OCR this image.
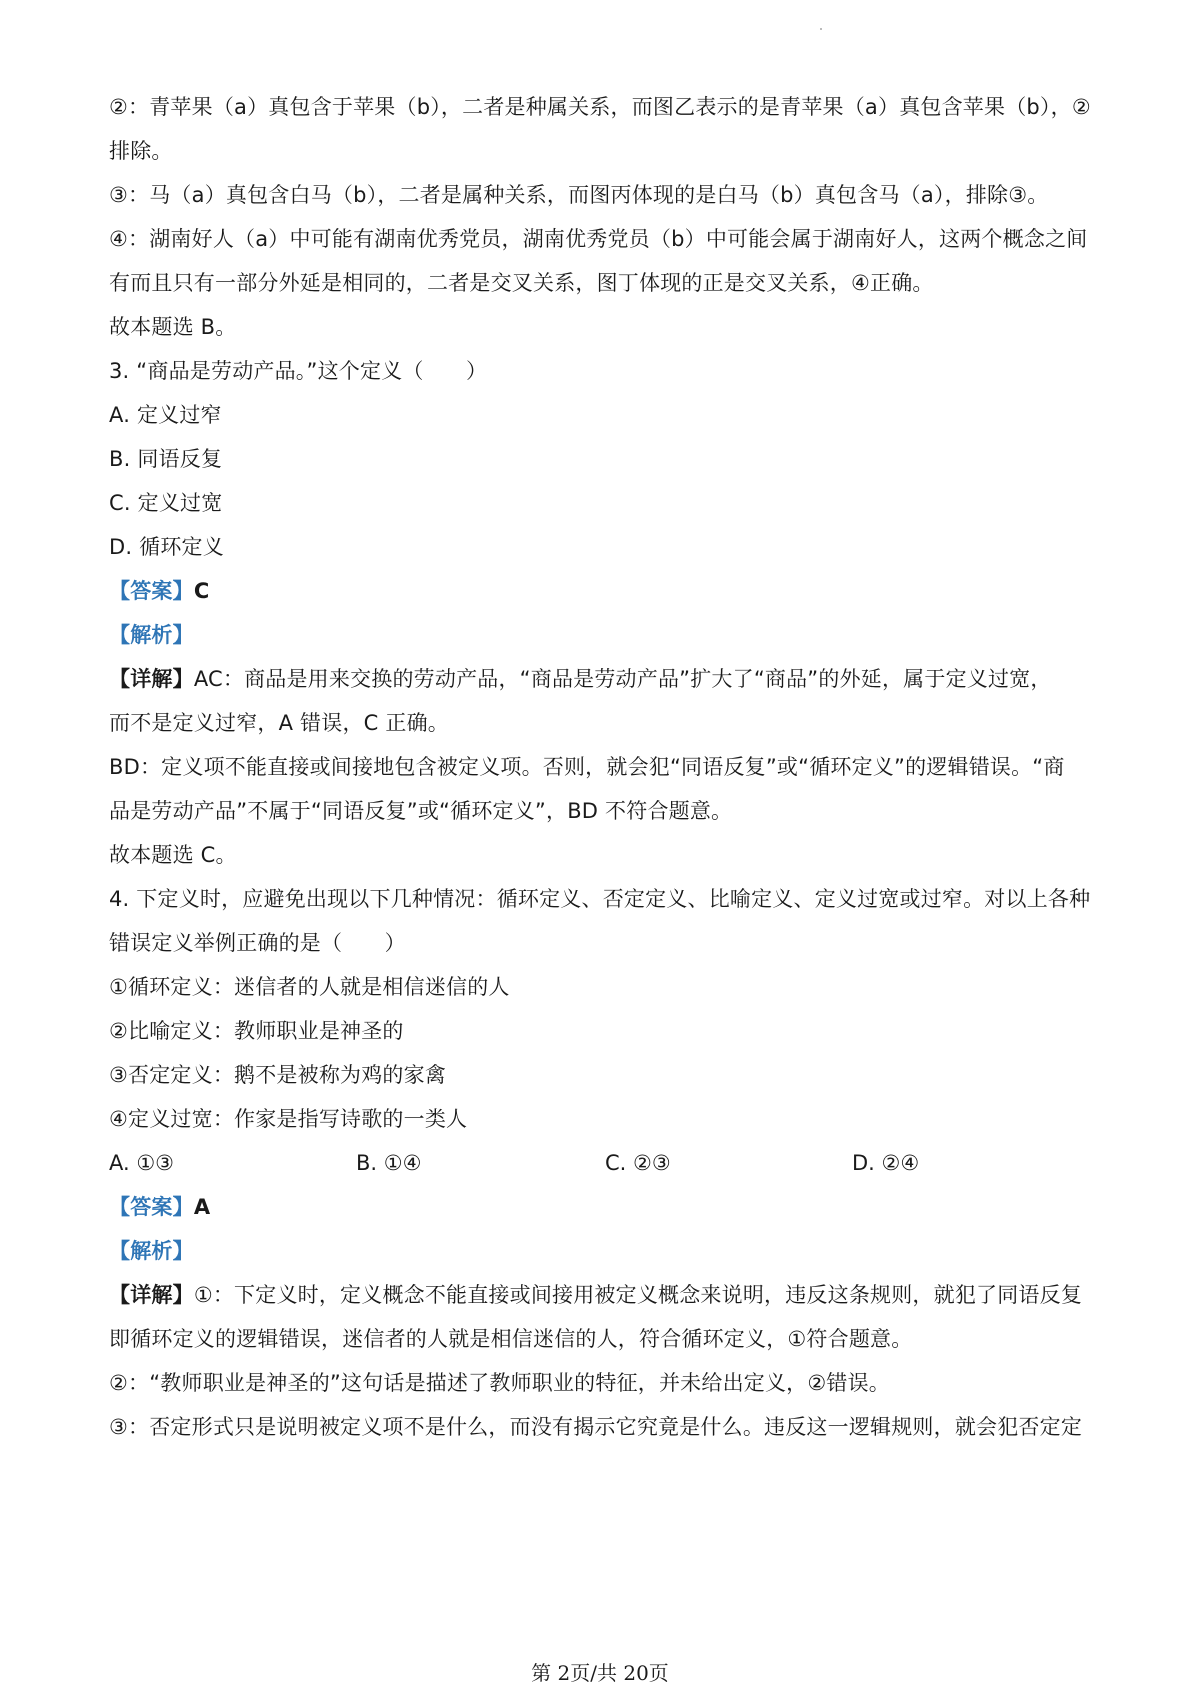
②：青苹果（a）真包含于苹果（b），二者是种属关系，而图乙表示的是青苹果（a）真包含苹果（b），②
排除。
③：马（a）真包含白马（b），二者是属种关系，而图丙体现的是白马（b）真包含马（a），排除③。
④：湖南好人（a）中可能有湖南优秀党员，湖南优秀党员（b）中可能会属于湖南好人，这两个概念之间
有而且只有一部分外延是相同的，二者是交叉关系，图丁体现的正是交叉关系，④正确。
故本题选 B。
3. “商品是劳动产品。”这个定义（　　）
A. 定义过窄
B. 同语反复
C. 定义过宽
D. 循环定义
【答案】C
【解析】
【详解】AC：商品是用来交换的劳动产品，“商品是劳动产品”扩大了“商品”的外延，属于定义过宽，
而不是定义过窄，A 错误，C 正确。
BD：定义项不能直接或间接地包含被定义项。否则，就会犯“同语反复”或“循环定义”的逻辑错误。“商
品是劳动产品”不属于“同语反复”或“循环定义”，BD 不符合题意。
故本题选 C。
4. 下定义时，应避免出现以下几种情况：循环定义、否定定义、比喻定义、定义过宽或过窄。对以上各种
错误定义举例正确的是（　　）
①循环定义：迷信者的人就是相信迷信的人
②比喻定义：教师职业是神圣的
③否定定义：鹅不是被称为鸡的家禽
④定义过宽：作家是指写诗歌的一类人
A. ①③	B. ①④	C. ②③	D. ②④
【答案】A
【解析】
【详解】①：下定义时，定义概念不能直接或间接用被定义概念来说明，违反这条规则，就犯了同语反复
即循环定义的逻辑错误，迷信者的人就是相信迷信的人，符合循环定义，①符合题意。
②：“教师职业是神圣的”这句话是描述了教师职业的特征，并未给出定义，②错误。
③：否定形式只是说明被定义项不是什么，而没有揭示它究竟是什么。违反这一逻辑规则，就会犯否定定
第 2页/共 20页
